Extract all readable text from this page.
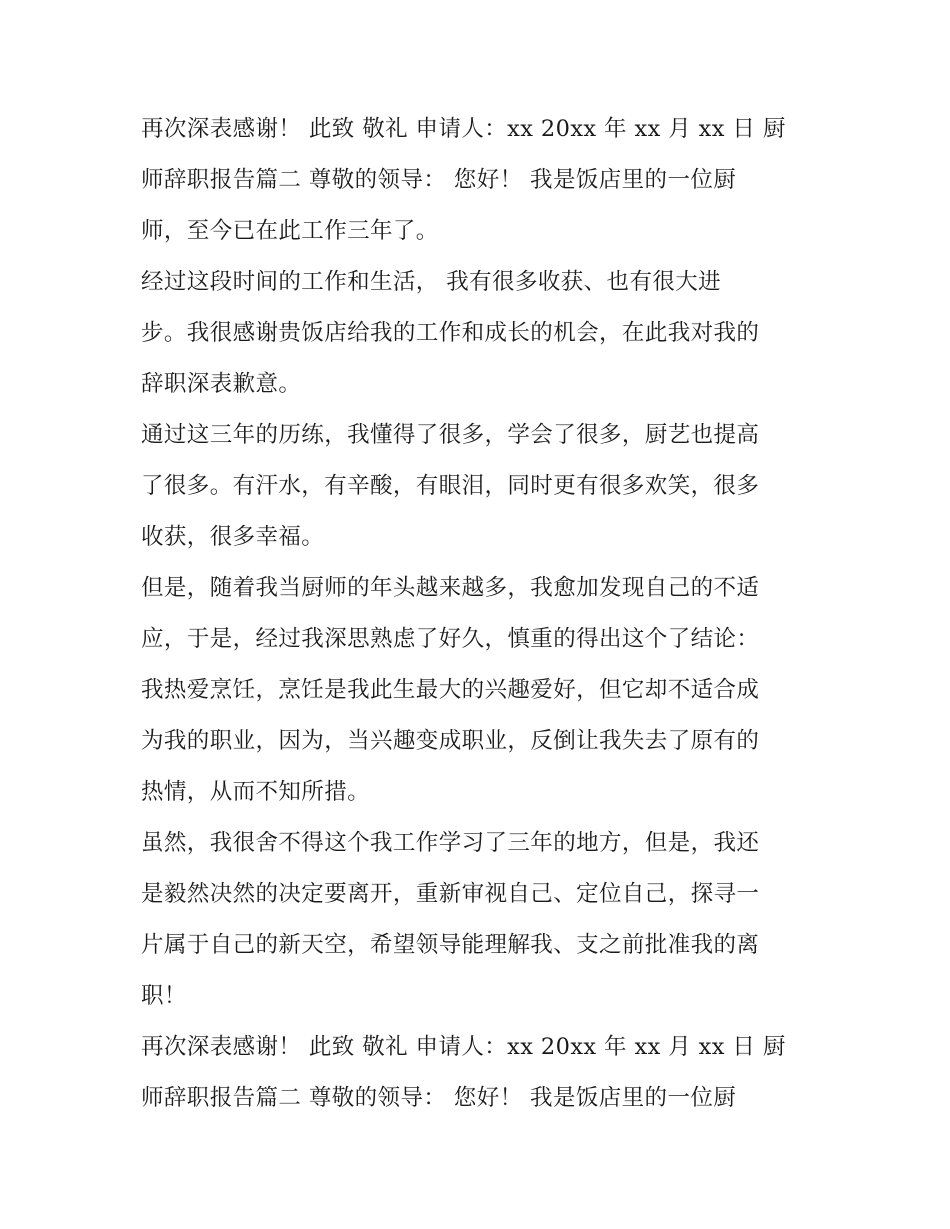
再次深表感谢！ 此致 敬礼 申请人：xx 20xx 年 xx 月 xx 日 厨
师辞职报告篇二 尊敬的领导： 您好！ 我是饭店里的一位厨
师，至今已在此工作三年了。
经过这段时间的工作和生活， 我有很多收获、也有很大进
步。我很感谢贵饭店给我的工作和成长的机会，在此我对我的
辞职深表歉意。
通过这三年的历练，我懂得了很多，学会了很多，厨艺也提高
了很多。有汗水，有辛酸，有眼泪，同时更有很多欢笑，很多
收获，很多幸福。
但是，随着我当厨师的年头越来越多，我愈加发现自己的不适
应，于是，经过我深思熟虑了好久，慎重的得出这个了结论：
我热爱烹饪，烹饪是我此生最大的兴趣爱好，但它却不适合成
为我的职业，因为，当兴趣变成职业，反倒让我失去了原有的
热情，从而不知所措。
虽然，我很舍不得这个我工作学习了三年的地方，但是，我还
是毅然决然的决定要离开，重新审视自己、定位自己，探寻一
片属于自己的新天空，希望领导能理解我、支之前批准我的离
职！
再次深表感谢！ 此致 敬礼 申请人：xx 20xx 年 xx 月 xx 日 厨
师辞职报告篇二 尊敬的领导： 您好！ 我是饭店里的一位厨
